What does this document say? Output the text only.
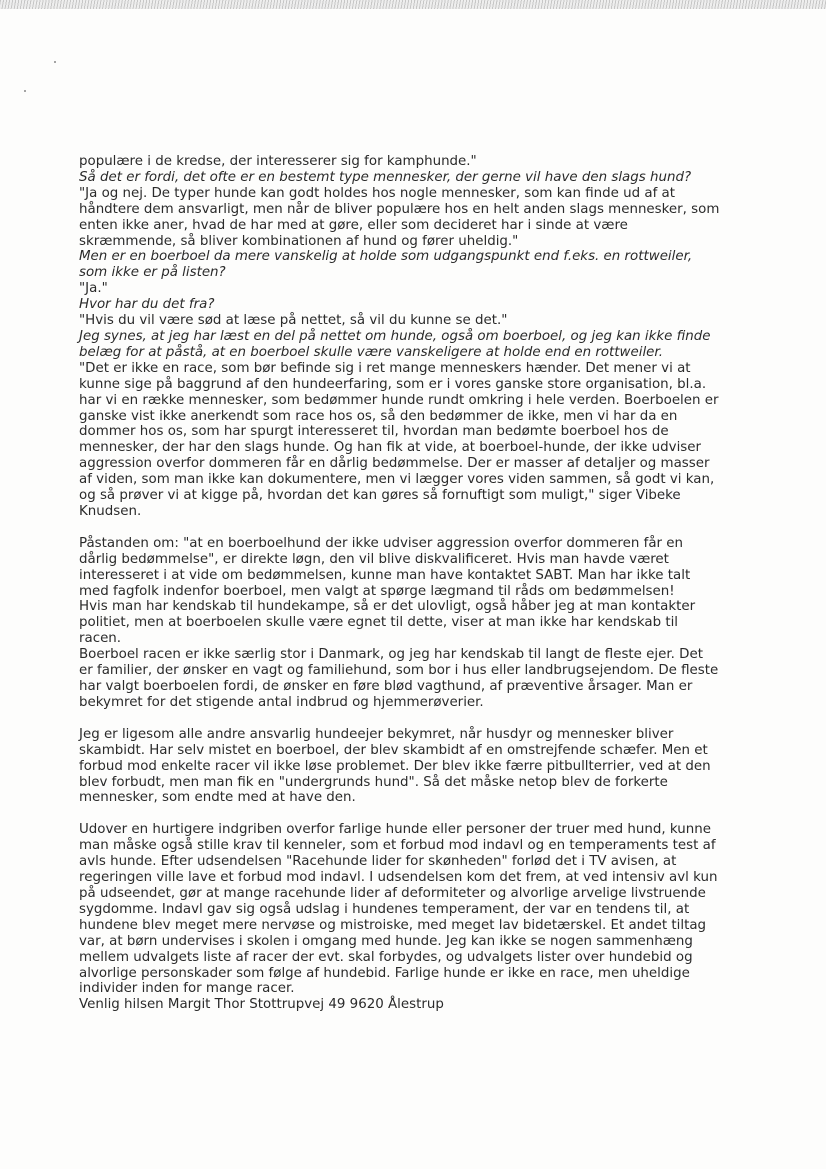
populære i de kredse, der interesserer sig for kamphunde."

Så det er fordi, det ofte er en bestemt type mennesker, der gerne vil have den slags hund?

"Ja og nej. De typer hunde kan godt holdes hos nogle mennesker, som kan finde ud af at

håndtere dem ansvarligt, men når de bliver populære hos en helt anden slags mennesker, som

enten ikke aner, hvad de har med at gøre, eller som decideret har i sinde at være

skræmmende, så bliver kombinationen af hund og fører uheldig."

Men er en boerboel da mere vanskelig at holde som udgangspunkt end f.eks. en rottweiler,

som ikke er på listen?

"Ja."

Hvor har du det fra?

"Hvis du vil være sød at læse på nettet, så vil du kunne se det."

Jeg synes, at jeg har læst en del på nettet om hunde, også om boerboel, og jeg kan ikke finde

belæg for at påstå, at en boerboel skulle være vanskeligere at holde end en rottweiler.

"Det er ikke en race, som bør befinde sig i ret mange menneskers hænder. Det mener vi at

kunne sige på baggrund af den hundeerfaring, som er i vores ganske store organisation, bl.a.

har vi en række mennesker, som bedømmer hunde rundt omkring i hele verden. Boerboelen er

ganske vist ikke anerkendt som race hos os, så den bedømmer de ikke, men vi har da en

dommer hos os, som har spurgt interesseret til, hvordan man bedømte boerboel hos de

mennesker, der har den slags hunde. Og han fik at vide, at boerboel-hunde, der ikke udviser

aggression overfor dommeren får en dårlig bedømmelse. Der er masser af detaljer og masser

af viden, som man ikke kan dokumentere, men vi lægger vores viden sammen, så godt vi kan,

og så prøver vi at kigge på, hvordan det kan gøres så fornuftigt som muligt," siger Vibeke

Knudsen.

Påstanden om: "at en boerboelhund der ikke udviser aggression overfor dommeren får en

dårlig bedømmelse", er direkte løgn, den vil blive diskvalificeret. Hvis man havde været

interesseret i at vide om bedømmelsen, kunne man have kontaktet SABT. Man har ikke talt

med fagfolk indenfor boerboel, men valgt at spørge lægmand til råds om bedømmelsen!

Hvis man har kendskab til hundekampe, så er det ulovligt, også håber jeg at man kontakter

politiet, men at boerboelen skulle være egnet til dette, viser at man ikke har kendskab til

racen.

Boerboel racen er ikke særlig stor i Danmark, og jeg har kendskab til langt de fleste ejer. Det

er familier, der ønsker en vagt og familiehund, som bor i hus eller landbrugsejendom. De fleste

har valgt boerboelen fordi, de ønsker en føre blød vagthund, af præventive årsager. Man er

bekymret for det stigende antal indbrud og hjemmerøverier.

Jeg er ligesom alle andre ansvarlig hundeejer bekymret, når husdyr og mennesker bliver

skambidt. Har selv mistet en boerboel, der blev skambidt af en omstrejfende schæfer. Men et

forbud mod enkelte racer vil ikke løse problemet. Der blev ikke færre pitbullterrier, ved at den

blev forbudt, men man fik en "undergrunds hund". Så det måske netop blev de forkerte

mennesker, som endte med at have den.

Udover en hurtigere indgriben overfor farlige hunde eller personer der truer med hund, kunne

man måske også stille krav til kenneler, som et forbud mod indavl og en temperaments test af

avls hunde. Efter udsendelsen "Racehunde lider for skønheden" forlød det i TV avisen, at

regeringen ville lave et forbud mod indavl. I udsendelsen kom det frem, at ved intensiv avl kun

på udseendet, gør at mange racehunde lider af deformiteter og alvorlige arvelige livstruende

sygdomme. Indavl gav sig også udslag i hundenes temperament, der var en tendens til, at

hundene blev meget mere nervøse og mistroiske, med meget lav bidetærskel. Et andet tiltag

var, at børn undervises i skolen i omgang med hunde. Jeg kan ikke se nogen sammenhæng

mellem udvalgets liste af racer der evt. skal forbydes, og udvalgets lister over hundebid og

alvorlige personskader som følge af hundebid. Farlige hunde er ikke en race, men uheldige

individer inden for mange racer.

Venlig hilsen Margit Thor Stottrupvej 49 9620 Ålestrup
